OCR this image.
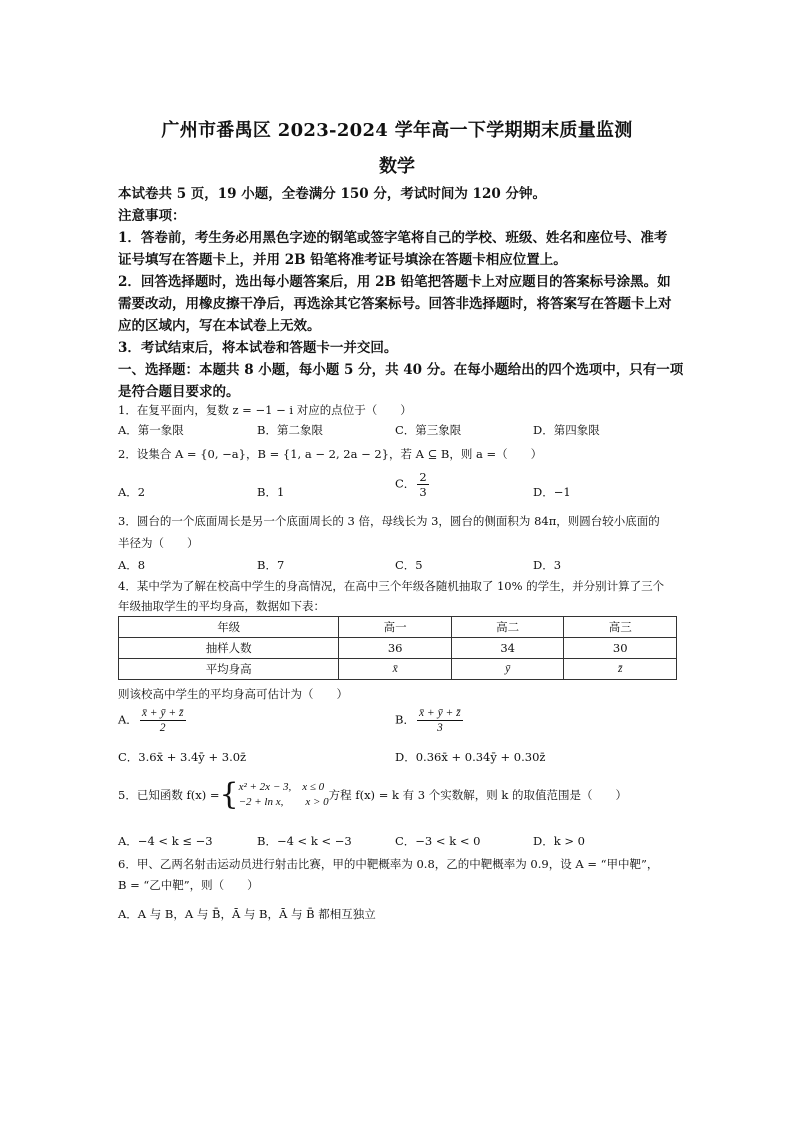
广州市番禺区 2023-2024 学年高一下学期期末质量监测
数学
本试卷共 5 页，19 小题，全卷满分 150 分，考试时间为 120 分钟。
注意事项：
1．答卷前，考生务必用黑色字迹的钢笔或签字笔将自己的学校、班级、姓名和座位号、准考
证号填写在答题卡上，并用 2B 铅笔将准考证号填涂在答题卡相应位置上。
2．回答选择题时，选出每小题答案后，用 2B 铅笔把答题卡上对应题目的答案标号涂黑。如
需要改动，用橡皮擦干净后，再选涂其它答案标号。回答非选择题时，将答案写在答题卡上对
应的区域内，写在本试卷上无效。
3．考试结束后，将本试卷和答题卡一并交回。
一、选择题：本题共 8 小题，每小题 5 分，共 40 分。在每小题给出的四个选项中，只有一项
是符合题目要求的。
1．在复平面内，复数 z = −1 − i 对应的点位于（　　）
A．第一象限	B．第二象限	C．第三象限	D．第四象限
2．设集合 A = {0, −a}，B = {1, a − 2, 2a − 2}，若 A ⊆ B，则 a =（　　）
A．2	B．1
C． $\frac{2}{3}$	D．−1
3．圆台的一个底面周长是另一个底面周长的 3 倍，母线长为 3，圆台的侧面积为 84π，则圆台较小底面的
半径为（　　）
A．8	B．7	C．5	D．3
4．某中学为了解在校高中学生的身高情况，在高中三个年级各随机抽取了 10% 的学生，并分别计算了三个
年级抽取学生的平均身高，数据如下表：
年级	高一	高二	高三
抽样人数	36	34	30
平均身高	x̄	ȳ	z̄
则该校高中学生的平均身高可估计为（　　）
A． $\frac{x̄ + ȳ + z̄}{2}$	B． $\frac{x̄ + ȳ + z̄}{3}$
C．3.6x̄ + 3.4ȳ + 3.0z̄	D．0.36x̄ + 0.34ȳ + 0.30z̄
5．已知函数 f(x) ={ x² + 2x − 3,　x ≤ 0
−2 + ln x,　　x > 0 方程 f(x) = k 有 3 个实数解，则 k 的取值范围是（　　）
A．−4 < k ≤ −3	B．−4 < k < −3	C．−3 < k < 0	D．k > 0
6．甲、乙两名射击运动员进行射击比赛，甲的中靶概率为 0.8，乙的中靶概率为 0.9，设 A = “甲中靶”，
B = “乙中靶”，则（　　）
A．A 与 B，A 与 B̄，Ā 与 B，Ā 与 B̄ 都相互独立
